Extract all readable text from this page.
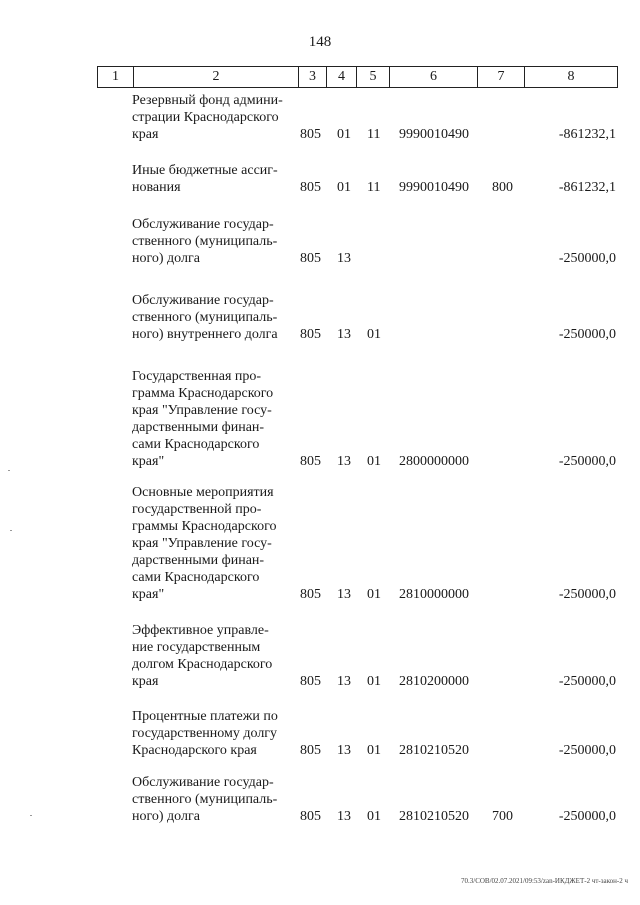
148
1	2	3	4	5	6	7	8
Резервный фонд админи-
страции Краснодарского
края	805 01 11 9990010490	-861232,1
Иные бюджетные ассиг-
нования	805 01 11 9990010490 800	-861232,1
Обслуживание государ-
ственного (муниципаль-
ного) долга	805 13	-250000,0
Обслуживание государ-
ственного (муниципаль-
ного) внутреннего долга	805 13 01	-250000,0
Государственная про-
грамма Краснодарского
края "Управление госу-
дарственными финан-
сами Краснодарского
края"	805 13 01 2800000000	-250000,0
Основные мероприятия
государственной про-
граммы Краснодарского
края "Управление госу-
дарственными финан-
сами Краснодарского
края"	805 13 01 2810000000	-250000,0
Эффективное управле-
ние государственным
долгом Краснодарского
края	805 13 01 2810200000	-250000,0
Процентные платежи по
государственному долгу
Краснодарского края	805 13 01 2810210520	-250000,0
Обслуживание государ-
ственного (муниципаль-
ного) долга	805 13 01 2810210520 700	-250000,0
70.3/COB/02.07.2021/09:53/zan-ИКДЖЕТ-2 чт-закон-2 ч
